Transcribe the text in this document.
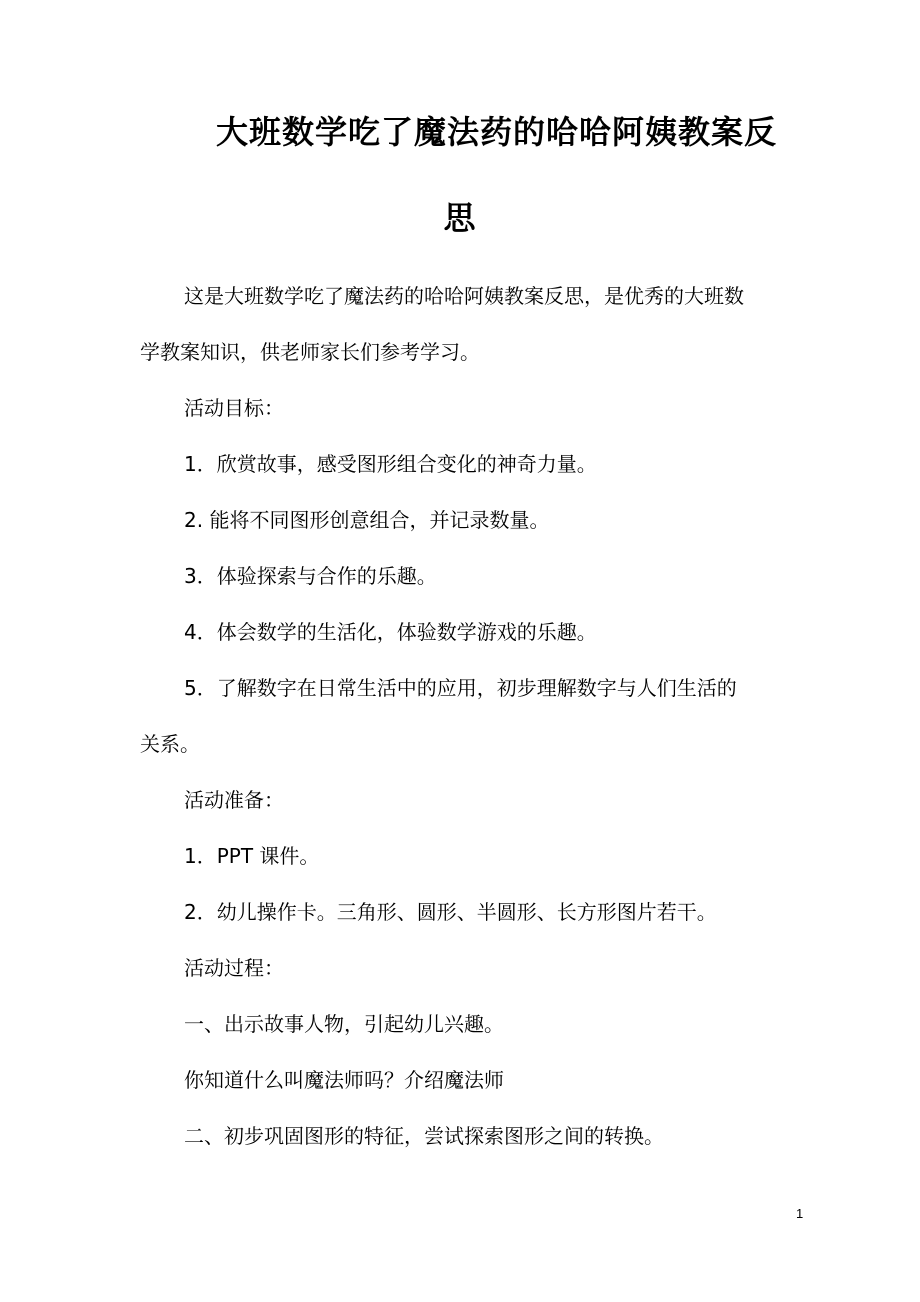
大班数学吃了魔法药的哈哈阿姨教案反
思

这是大班数学吃了魔法药的哈哈阿姨教案反思，是优秀的大班数

学教案知识，供老师家长们参考学习。

活动目标：

1．欣赏故事，感受图形组合变化的神奇力量。

2. 能将不同图形创意组合，并记录数量。

3．体验探索与合作的乐趣。

4．体会数学的生活化，体验数学游戏的乐趣。

5．了解数字在日常生活中的应用，初步理解数字与人们生活的

关系。

活动准备：

1．PPT 课件。

2．幼儿操作卡。三角形、圆形、半圆形、长方形图片若干。

活动过程：

一、出示故事人物，引起幼儿兴趣。

你知道什么叫魔法师吗？介绍魔法师

二、初步巩固图形的特征，尝试探索图形之间的转换。

1
